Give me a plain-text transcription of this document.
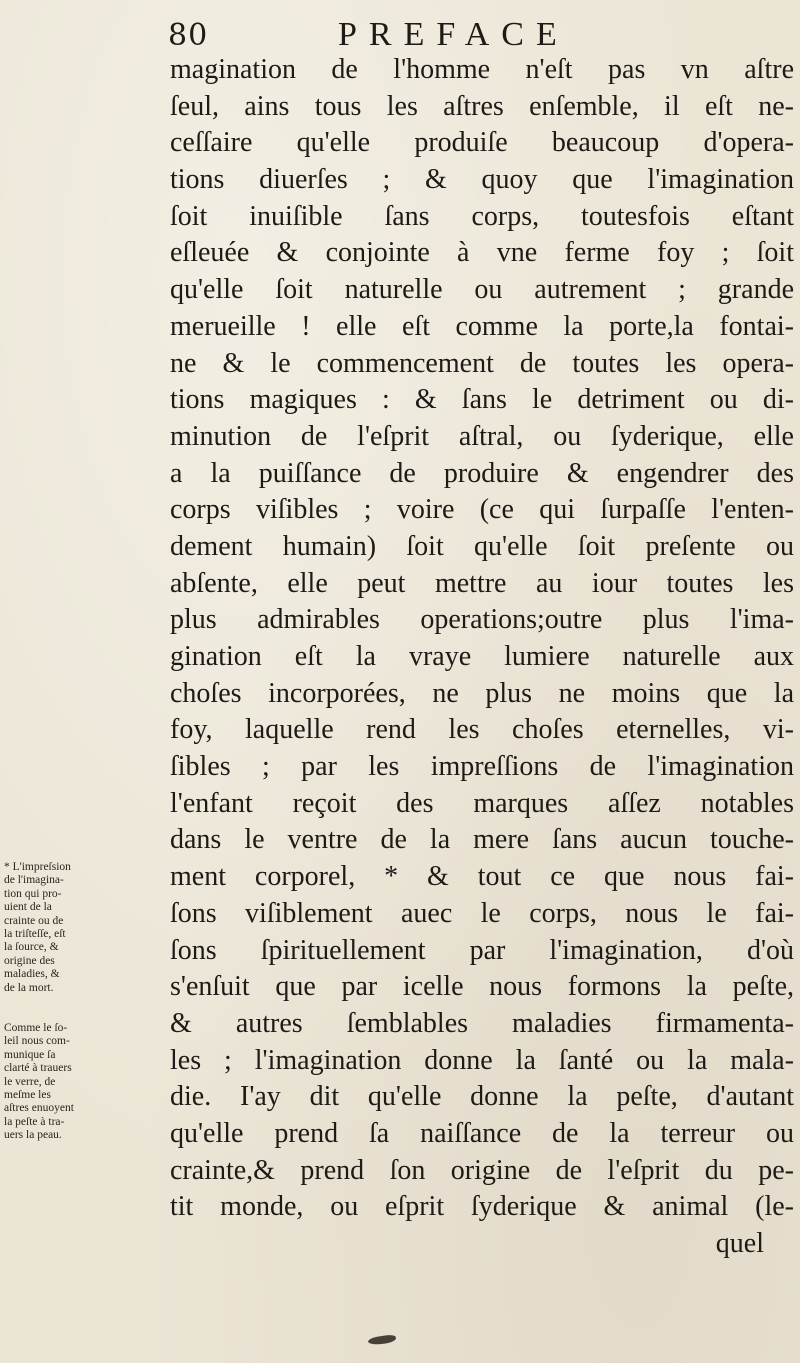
80	PREFACE
magination de l'homme n'eſt pas vn aſtre
ſeul, ains tous les aſtres enſemble, il eſt ne-
ceſſaire qu'elle produiſe beaucoup d'opera-
tions diuerſes ; & quoy que l'imagination
ſoit inuiſible ſans corps, toutesfois eſtant
eſleuée & conjointe à vne ferme foy ; ſoit
qu'elle ſoit naturelle ou autrement ; grande
merueille ! elle eſt comme la porte,la fontai-
ne & le commencement de toutes les opera-
tions magiques : & ſans le detriment ou di-
minution de l'eſprit aſtral, ou ſyderique, elle
a la puiſſance de produire & engendrer des
corps viſibles ; voire (ce qui ſurpaſſe l'enten-
dement humain) ſoit qu'elle ſoit preſente ou
abſente, elle peut mettre au iour toutes les
plus admirables operations;outre plus l'ima-
gination eſt la vraye lumiere naturelle aux
choſes incorporées, ne plus ne moins que la
foy, laquelle rend les choſes eternelles, vi-
ſibles ; par les impreſſions de l'imagination
l'enfant reçoit des marques aſſez notables
dans le ventre de la mere ſans aucun touche-
ment corporel, * & tout ce que nous fai-
ſons viſiblement auec le corps, nous le fai-
ſons ſpirituellement par l'imagination, d'où
s'enſuit que par icelle nous formons la peſte,
& autres ſemblables maladies firmamenta-
les ; l'imagination donne la ſanté ou la mala-
die. I'ay dit qu'elle donne la peſte, d'autant
qu'elle prend ſa naiſſance de la terreur ou
crainte,& prend ſon origine de l'eſprit du pe-
tit monde, ou eſprit ſyderique & animal (le-
quel
* L'impreſsion
de l'imagina-
tion qui pro-
uient de la
crainte ou de
la triſteſſe, eſt
la ſource, &
origine des
maladies, &
de la mort.
Comme le ſo-
leil nous com-
munique ſa
clarté à trauers
le verre, de
meſme les
aſtres enuoyent
la peſte à tra-
uers la peau.
